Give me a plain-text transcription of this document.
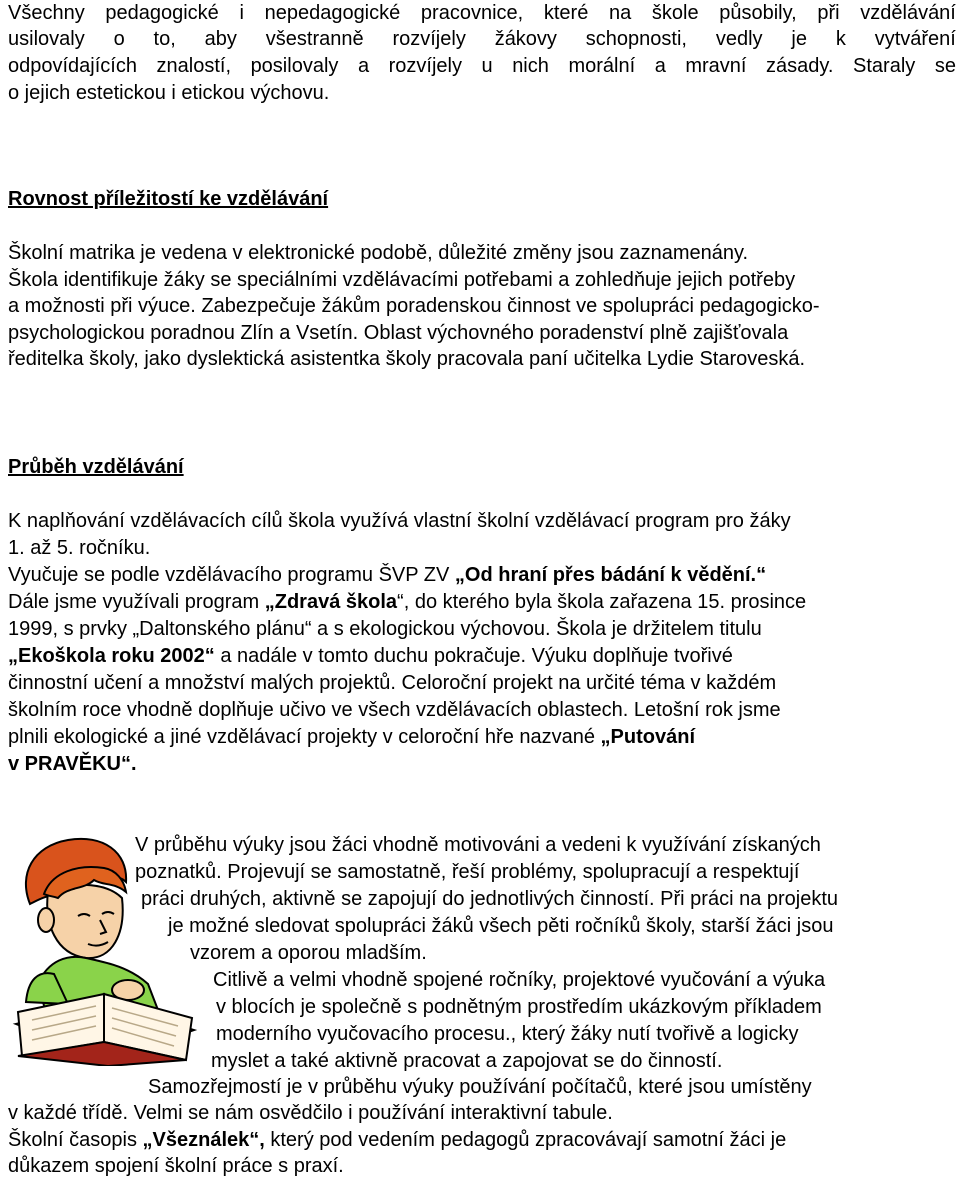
Všechny pedagogické i nepedagogické pracovnice, které na škole působily, při vzdělávání
usilovaly o to, aby všestranně rozvíjely žákovy schopnosti, vedly je k vytváření
odpovídajících znalostí, posilovaly a rozvíjely u nich morální a mravní zásady. Staraly se
o jejich estetickou i etickou výchovu.
Rovnost příležitostí ke vzdělávání
Školní matrika je vedena v elektronické podobě, důležité změny jsou zaznamenány.
Škola identifikuje žáky se speciálními vzdělávacími potřebami a zohledňuje jejich potřeby
a možnosti při výuce. Zabezpečuje žákům poradenskou činnost ve spolupráci pedagogicko-
psychologickou poradnou Zlín a Vsetín. Oblast výchovného poradenství plně zajišťovala
ředitelka školy, jako dyslektická asistentka školy pracovala paní učitelka Lydie Staroveská.
Průběh vzdělávání
K naplňování vzdělávacích cílů škola využívá vlastní školní vzdělávací program pro žáky
1. až 5. ročníku.
Vyučuje se podle vzdělávacího programu ŠVP ZV „Od hraní přes bádání k vědění.“
Dále jsme využívali program „Zdravá škola“, do kterého byla škola zařazena 15. prosince
1999, s prvky „Daltonského plánu“ a s ekologickou výchovou. Škola je držitelem titulu
„Ekoškola roku 2002“ a nadále v tomto duchu pokračuje. Výuku doplňuje tvořivé
činnostní učení a množství malých projektů. Celoroční projekt na určité téma v každém
školním roce vhodně doplňuje učivo ve všech vzdělávacích oblastech. Letošní rok jsme
plnili ekologické a jiné vzdělávací projekty v celoroční hře nazvané „Putování
v PRAVĚKU“.
V průběhu výuky jsou žáci vhodně motivováni a vedeni k využívání získaných
poznatků. Projevují se samostatně, řeší problémy, spolupracují a respektují
práci druhých, aktivně se zapojují do jednotlivých činností. Při práci na projektu
je možné sledovat spolupráci žáků všech pěti ročníků školy, starší žáci jsou
vzorem a oporou mladším.
Citlivě a velmi vhodně spojené ročníky, projektové vyučování a výuka
v blocích je společně s podnětným prostředím ukázkovým příkladem
moderního vyučovacího procesu., který žáky nutí tvořivě a logicky
myslet a také aktivně pracovat a zapojovat se do činností.
Samozřejmostí je v průběhu výuky používání počítačů, které jsou umístěny
v každé třídě. Velmi se nám osvědčilo i používání interaktivní tabule.
Školní časopis „Všeználek“, který pod vedením pedagogů zpracovávají samotní žáci je
důkazem spojení školní práce s praxí.
